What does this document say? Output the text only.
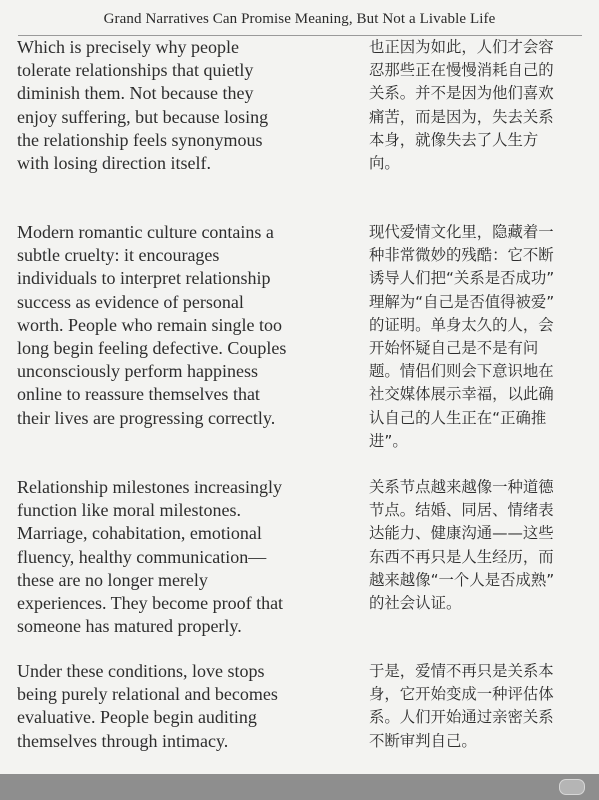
Grand Narratives Can Promise Meaning, But Not a Livable Life
Which is precisely why people
tolerate relationships that quietly
diminish them. Not because they
enjoy suffering, but because losing
the relationship feels synonymous
with losing direction itself.
也正因为如此，人们才会容
忍那些正在慢慢消耗自己的
关系。并不是因为他们喜欢
痛苦，而是因为，失去关系
本身，就像失去了人生方
向。
Modern romantic culture contains a
subtle cruelty: it encourages
individuals to interpret relationship
success as evidence of personal
worth. People who remain single too
long begin feeling defective. Couples
unconsciously perform happiness
online to reassure themselves that
their lives are progressing correctly.
现代爱情文化里，隐藏着一
种非常微妙的残酷：它不断
诱导人们把“关系是否成功”
理解为“自己是否值得被爱”
的证明。单身太久的人，会
开始怀疑自己是不是有问
题。情侣们则会下意识地在
社交媒体展示幸福，以此确
认自己的人生正在“正确推
进”。
Relationship milestones increasingly
function like moral milestones.
Marriage, cohabitation, emotional
fluency, healthy communication—
these are no longer merely
experiences. They become proof that
someone has matured properly.
关系节点越来越像一种道德
节点。结婚、同居、情绪表
达能力、健康沟通——这些
东西不再只是人生经历，而
越来越像“一个人是否成熟”
的社会认证。
Under these conditions, love stops
being purely relational and becomes
evaluative. People begin auditing
themselves through intimacy.
于是，爱情不再只是关系本
身，它开始变成一种评估体
系。人们开始通过亲密关系
不断审判自己。
